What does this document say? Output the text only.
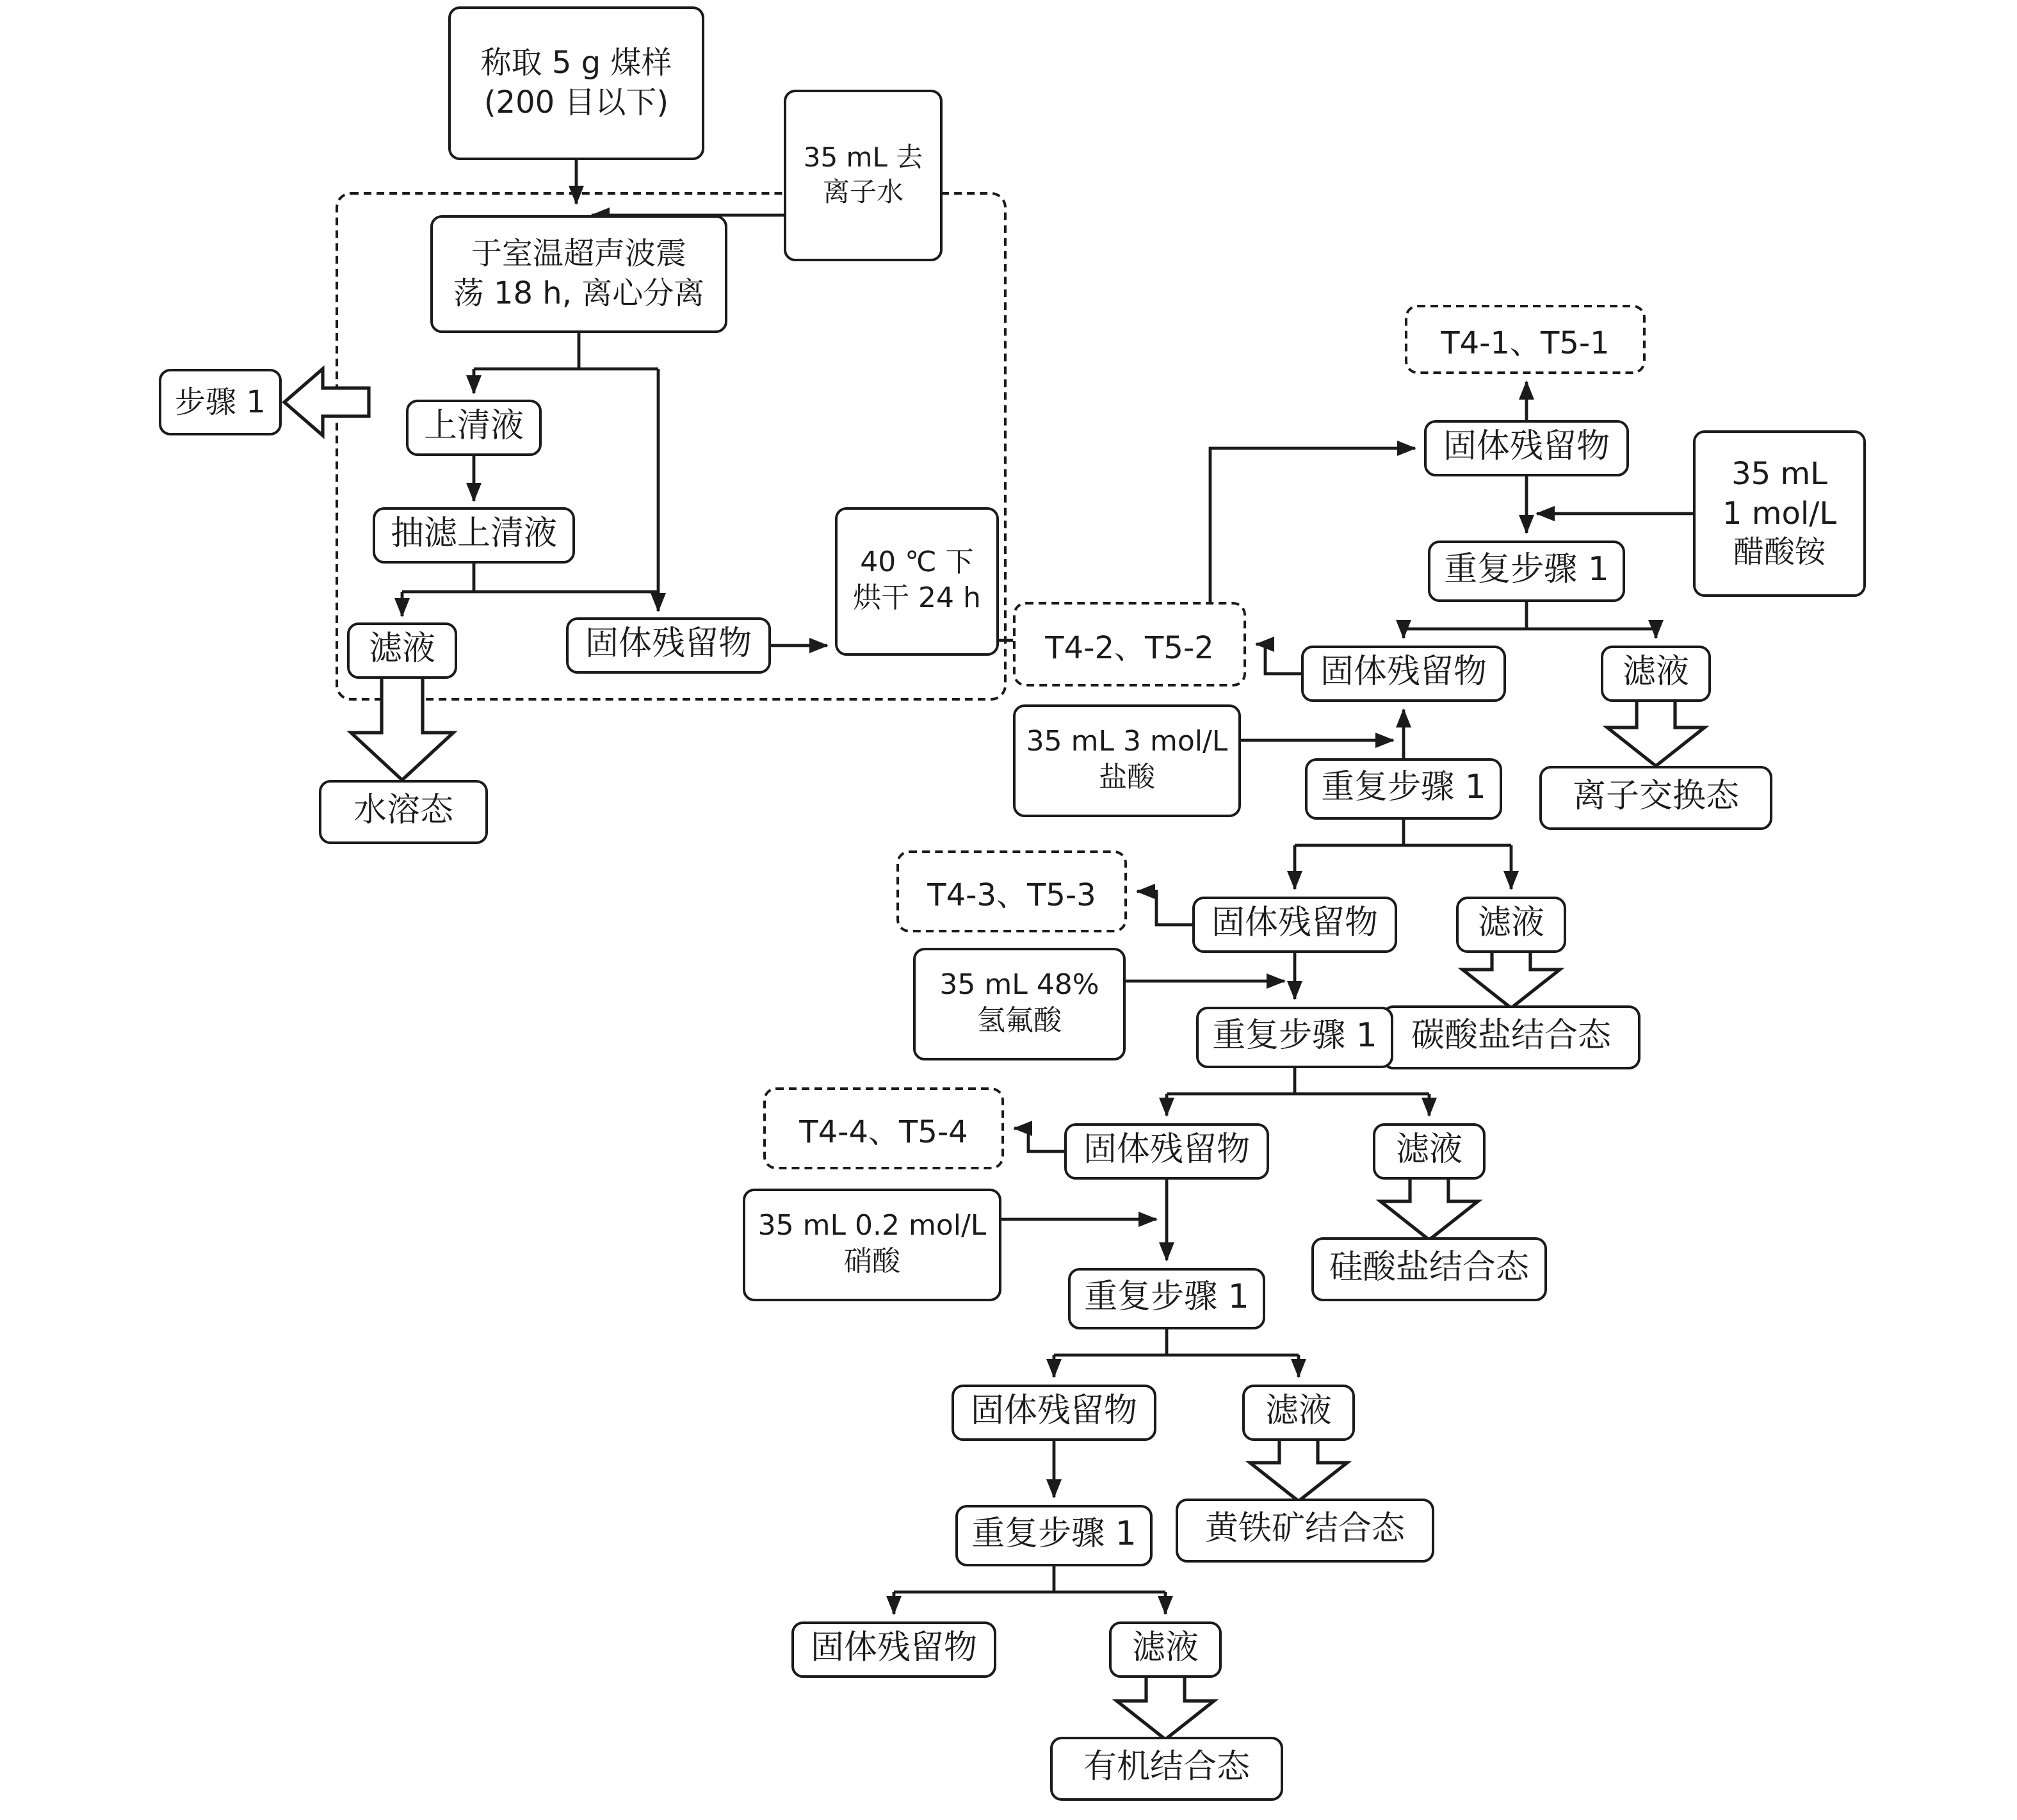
称取 5 g 煤样
(200 目以下)
35 mL 去
离子水
于室温超声波震
荡 18 h, 离心分离
步骤 1
上清液
抽滤上清液
滤液	固体残留物
40 ℃ 下
烘干 24 h
水溶态
T4-1、T5-1
固体残留物
35 mL
1 mol/L
醋酸铵
重复步骤 1
固体残留物	滤液
离子交换态
T4-2、T5-2
35 mL 3 mol/L
盐酸	重复步骤 1
固体残留物	滤液
碳酸盐结合态
T4-3、T5-3
35 mL 48%
氢氟酸	重复步骤 1
固体残留物	滤液
硅酸盐结合态
T4-4、T5-4
35 mL 0.2 mol/L
硝酸
重复步骤 1
固体残留物	滤液
黄铁矿结合态
重复步骤 1
固体残留物	滤液
有机结合态
